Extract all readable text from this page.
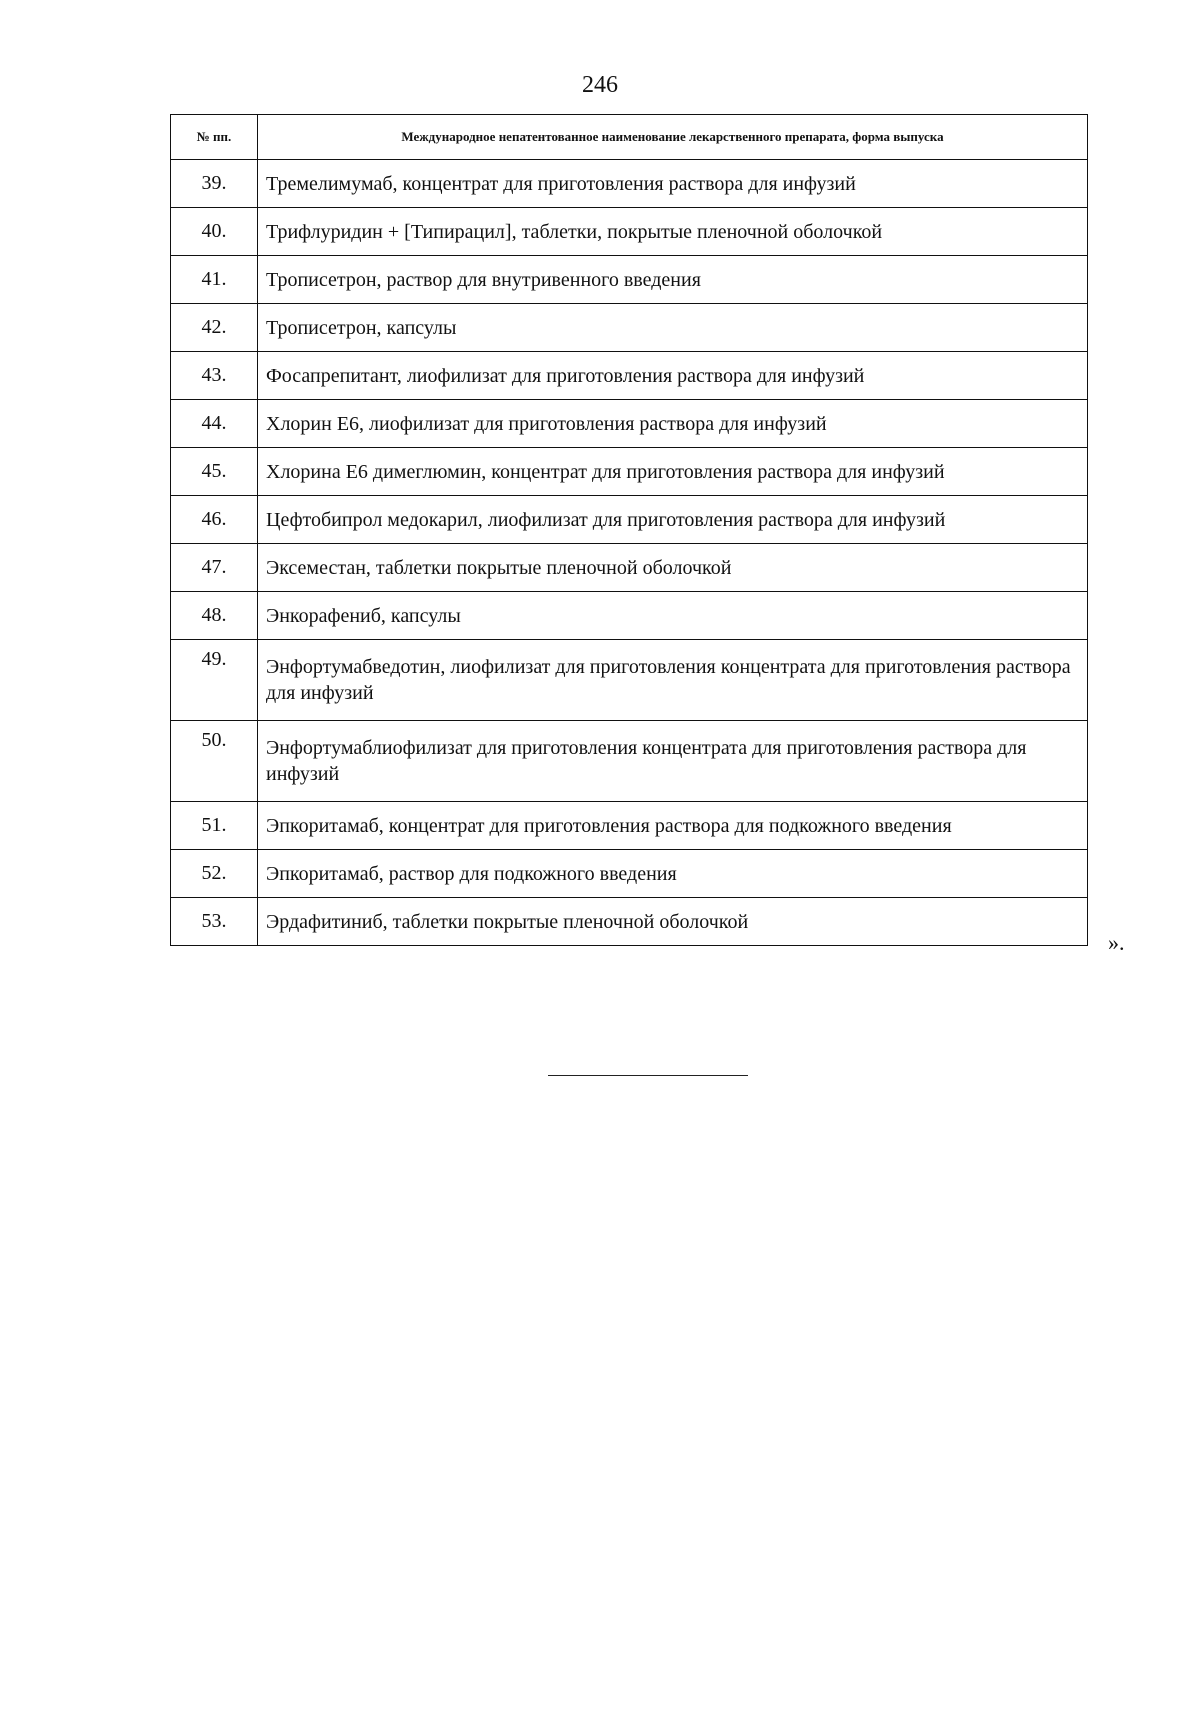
246
№ пп.	Международное непатентованное наименование лекарственного препарата, форма выпуска
39.	Тремелимумаб, концентрат для приготовления раствора для инфузий
40.	Трифлуридин + [Типирацил], таблетки, покрытые пленочной оболочкой
41.	Трописетрон, раствор для внутривенного введения
42.	Трописетрон, капсулы
43.	Фосапрепитант, лиофилизат для приготовления раствора для инфузий
44.	Хлорин Е6, лиофилизат для приготовления раствора для инфузий
45.	Хлорина Е6 димеглюмин, концентрат для приготовления раствора для инфузий
46.	Цефтобипрол медокарил, лиофилизат для приготовления раствора для инфузий
47.	Эксеместан, таблетки покрытые пленочной оболочкой
48.	Энкорафениб, капсулы
49.	Энфортумабведотин, лиофилизат для приготовления концентрата для приготовления раствора для инфузий
50.	Энфортумаблиофилизат для приготовления концентрата для приготовления раствора для инфузий
51.	Эпкоритамаб, концентрат для приготовления раствора для подкожного введения
52.	Эпкоритамаб, раствор для подкожного введения
53.	Эрдафитиниб, таблетки покрытые пленочной оболочкой
».
